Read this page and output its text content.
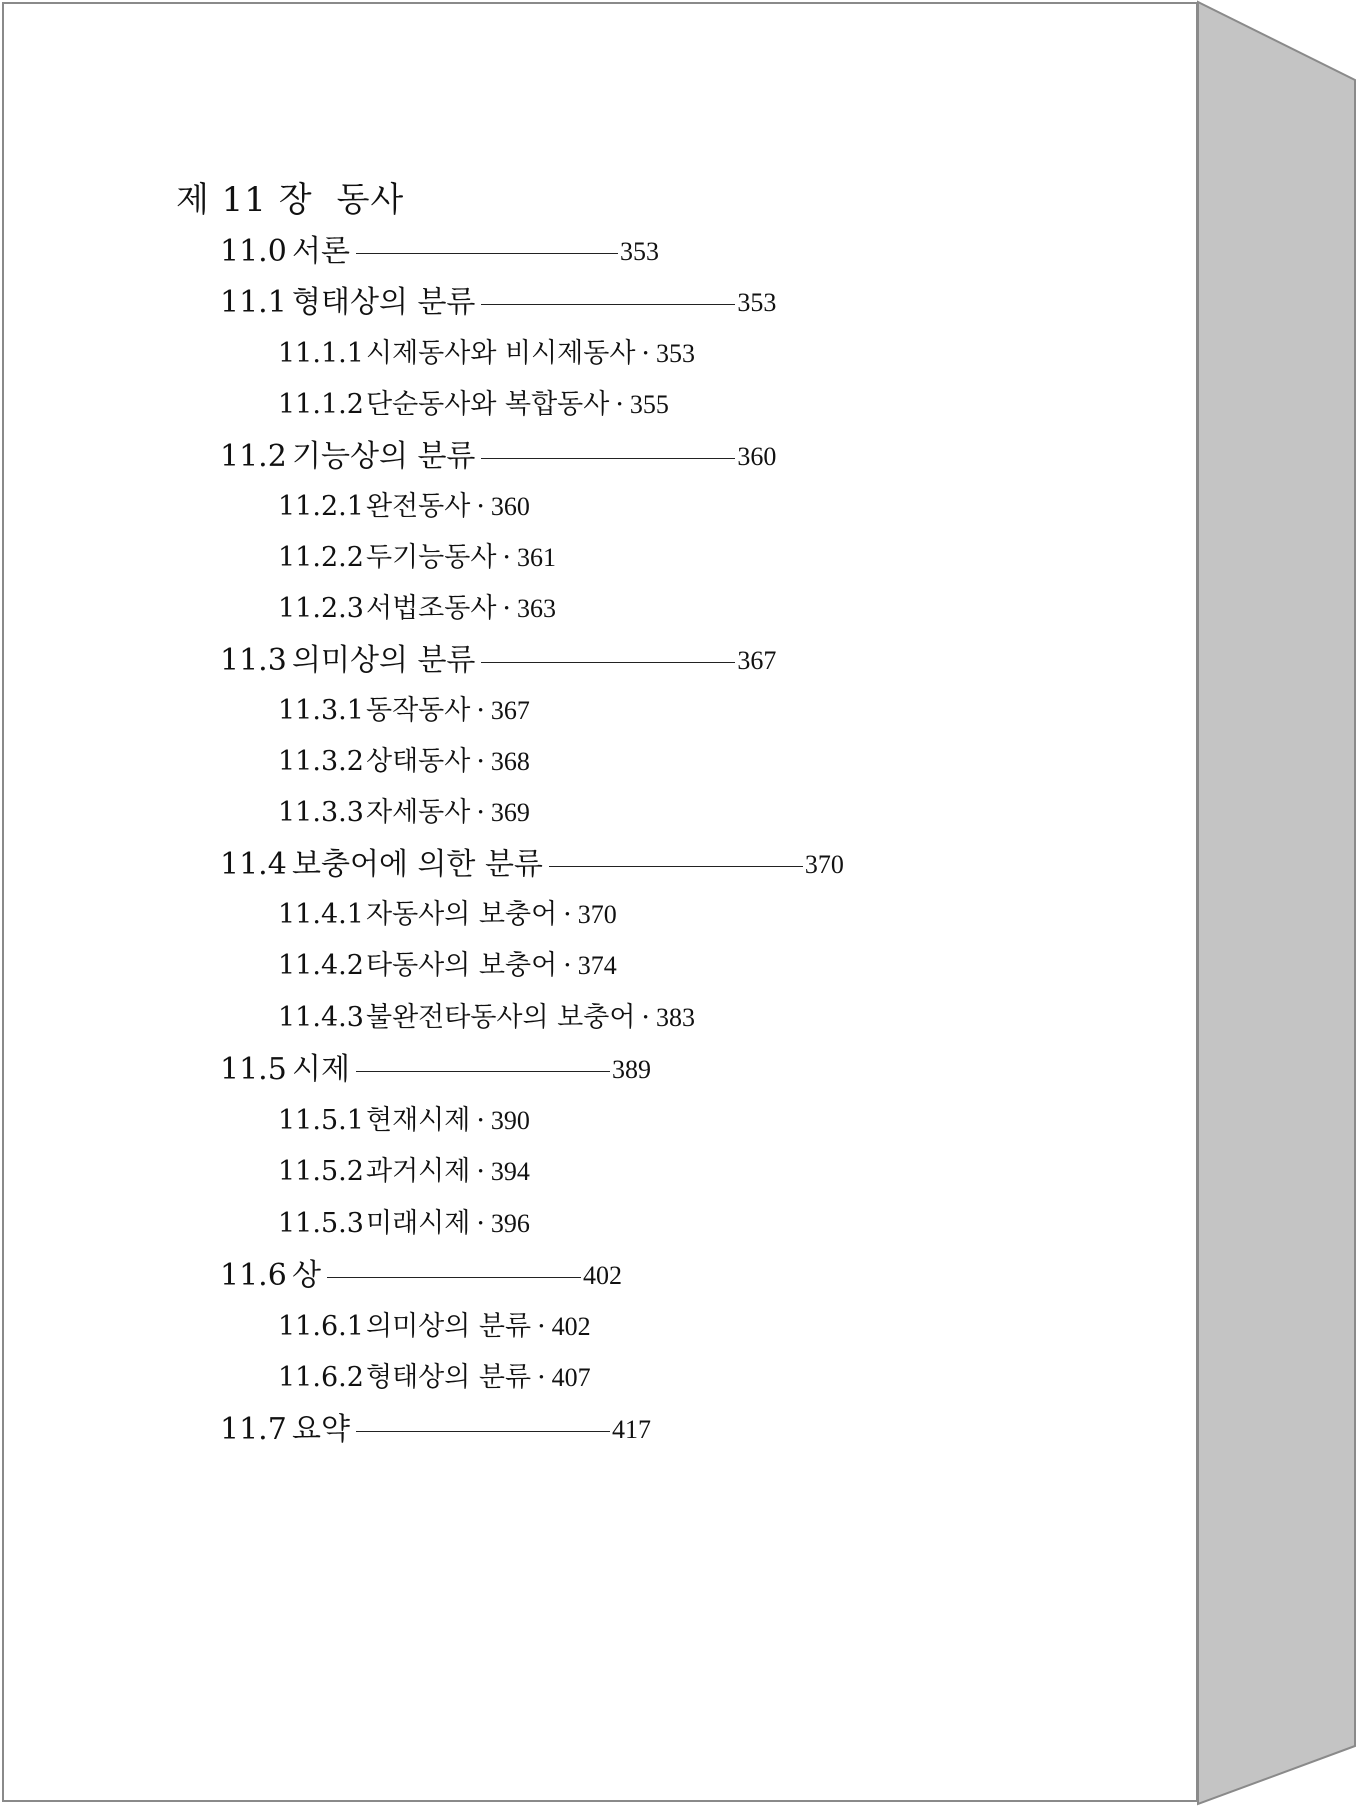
제 11 장 동사
11.0 서론	353
11.1 형태상의 분류	353
11.1.1 시제동사와 비시제동사 · 353
11.1.2 단순동사와 복합동사 · 355
11.2 기능상의 분류	360
11.2.1 완전동사 · 360
11.2.2 두기능동사 · 361
11.2.3 서법조동사 · 363
11.3 의미상의 분류	367
11.3.1 동작동사 · 367
11.3.2 상태동사 · 368
11.3.3 자세동사 · 369
11.4 보충어에 의한 분류	370
11.4.1 자동사의 보충어 · 370
11.4.2 타동사의 보충어 · 374
11.4.3 불완전타동사의 보충어 · 383
11.5 시제	389
11.5.1 현재시제 · 390
11.5.2 과거시제 · 394
11.5.3 미래시제 · 396
11.6 상	402
11.6.1 의미상의 분류 · 402
11.6.2 형태상의 분류 · 407
11.7 요약	417
